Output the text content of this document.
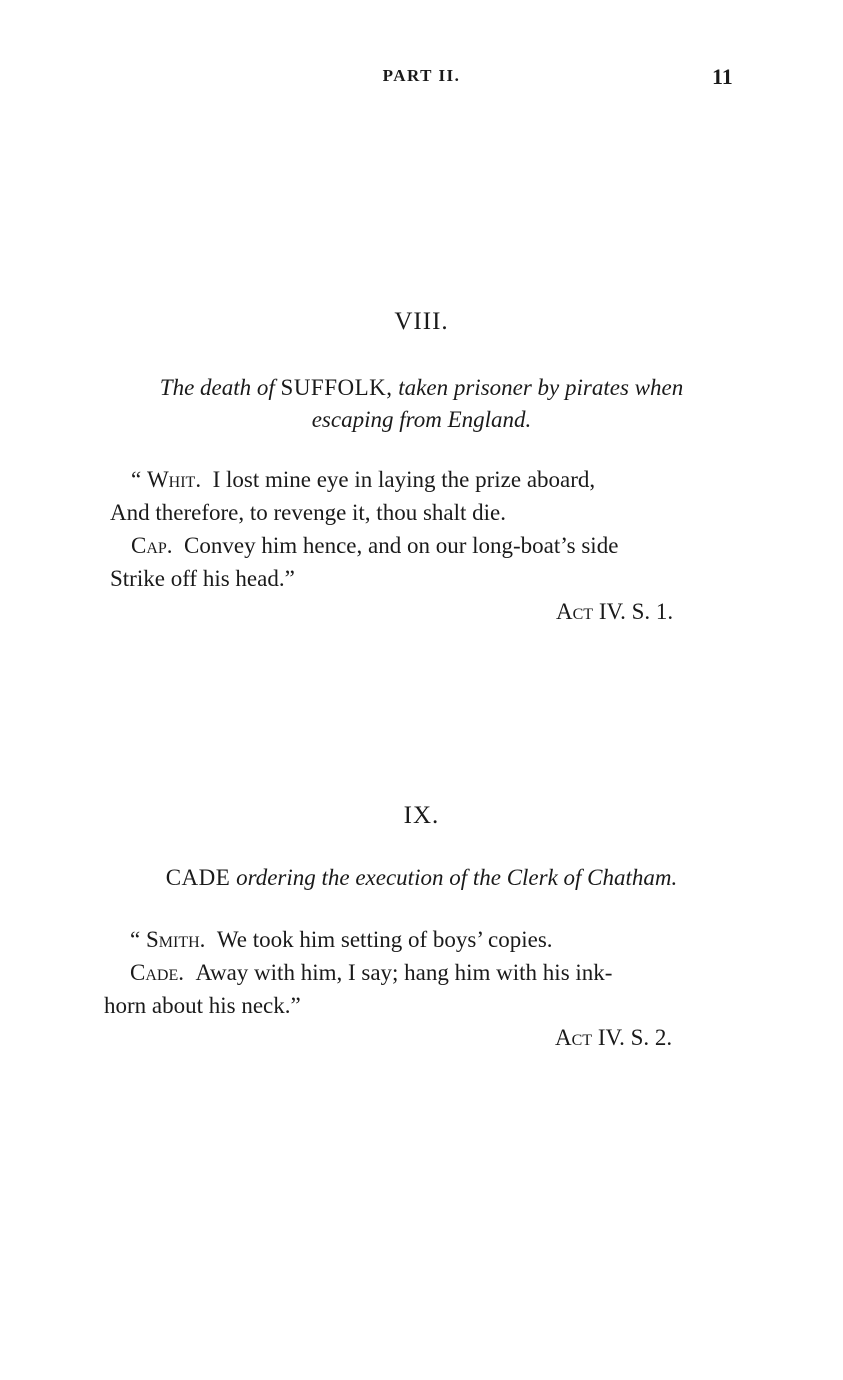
PART II.	11
VIII.
The death of SUFFOLK, taken prisoner by pirates when
escaping from England.
“ Whit. I lost mine eye in laying the prize aboard,
And therefore, to revenge it, thou shalt die.
Cap. Convey him hence, and on our long-boat’s side
Strike off his head.”
Act IV. S. 1.
IX.
CADE ordering the execution of the Clerk of Chatham.
“ Smith. We took him setting of boys’ copies.
Cade. Away with him, I say; hang him with his ink-
horn about his neck.”
Act IV. S. 2.
